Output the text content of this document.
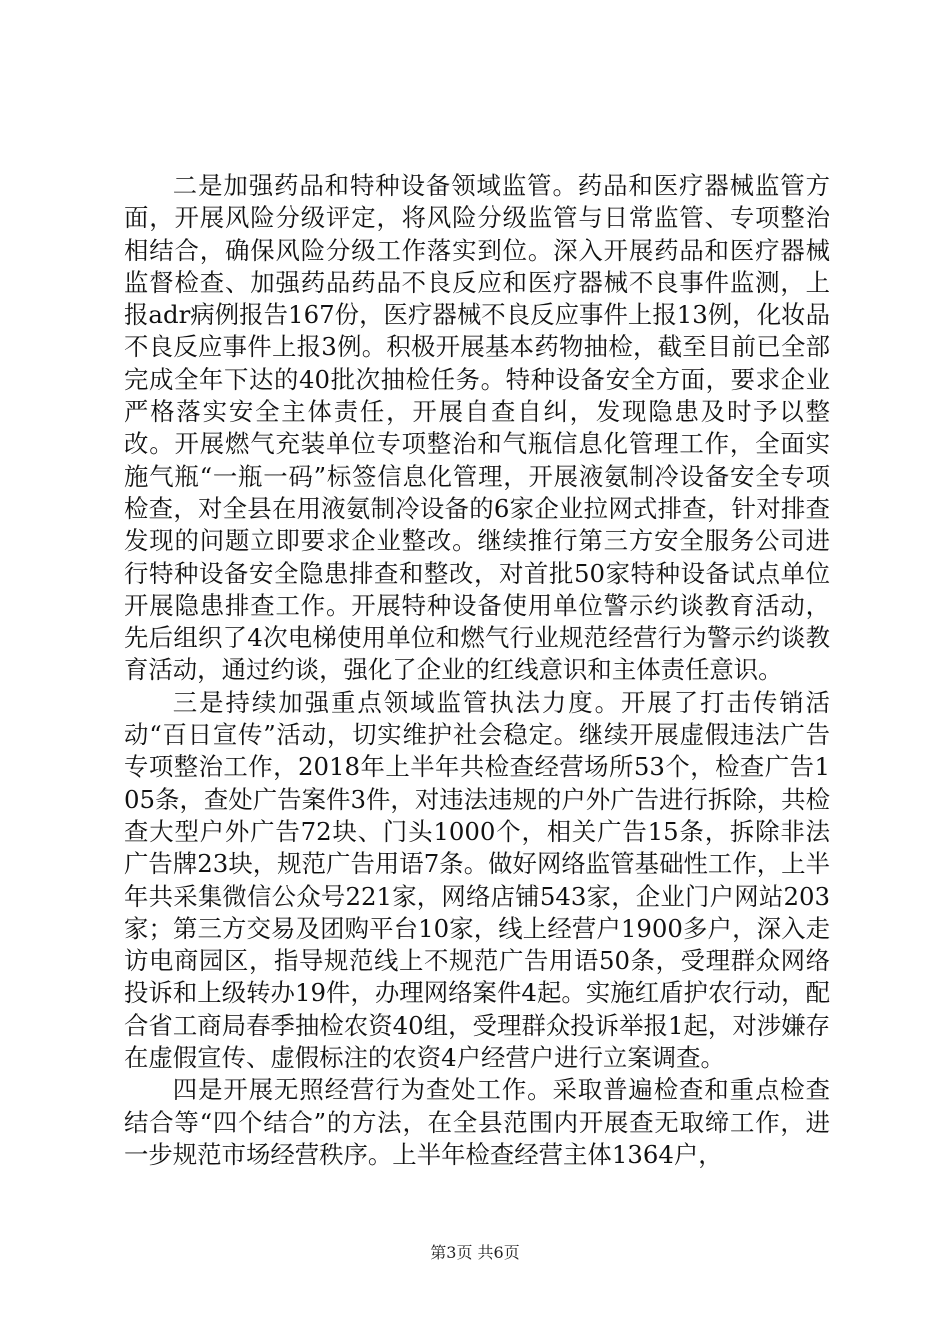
二是加强药品和特种设备领域监管。药品和医疗器械监管方面，开展风险分级评定，将风险分级监管与日常监管、专项整治相结合，确保风险分级工作落实到位。深入开展药品和医疗器械监督检查、加强药品药品不良反应和医疗器械不良事件监测，上报adr病例报告167份，医疗器械不良反应事件上报13例，化妆品不良反应事件上报3例。积极开展基本药物抽检，截至目前已全部完成全年下达的40批次抽检任务。特种设备安全方面，要求企业严格落实安全主体责任，开展自查自纠，发现隐患及时予以整改。开展燃气充装单位专项整治和气瓶信息化管理工作，全面实施气瓶“一瓶一码”标签信息化管理，开展液氨制冷设备安全专项检查，对全县在用液氨制冷设备的6家企业拉网式排查，针对排查发现的问题立即要求企业整改。继续推行第三方安全服务公司进行特种设备安全隐患排查和整改，对首批50家特种设备试点单位开展隐患排查工作。开展特种设备使用单位警示约谈教育活动，先后组织了4次电梯使用单位和燃气行业规范经营行为警示约谈教育活动，通过约谈，强化了企业的红线意识和主体责任意识。

三是持续加强重点领域监管执法力度。开展了打击传销活动“百日宣传”活动，切实维护社会稳定。继续开展虚假违法广告专项整治工作，2018年上半年共检查经营场所53个，检查广告105条，查处广告案件3件，对违法违规的户外广告进行拆除，共检查大型户外广告72块、门头1000个，相关广告15条，拆除非法广告牌23块，规范广告用语7条。做好网络监管基础性工作，上半年共采集微信公众号221家，网络店铺543家，企业门户网站203家；第三方交易及团购平台10家，线上经营户1900多户，深入走访电商园区，指导规范线上不规范广告用语50条，受理群众网络投诉和上级转办19件，办理网络案件4起。实施红盾护农行动，配合省工商局春季抽检农资40组，受理群众投诉举报1起，对涉嫌存在虚假宣传、虚假标注的农资4户经营户进行立案调查。

四是开展无照经营行为查处工作。采取普遍检查和重点检查结合等“四个结合”的方法，在全县范围内开展查无取缔工作，进一步规范市场经营秩序。上半年检查经营主体1364户，

第3页 共6页
